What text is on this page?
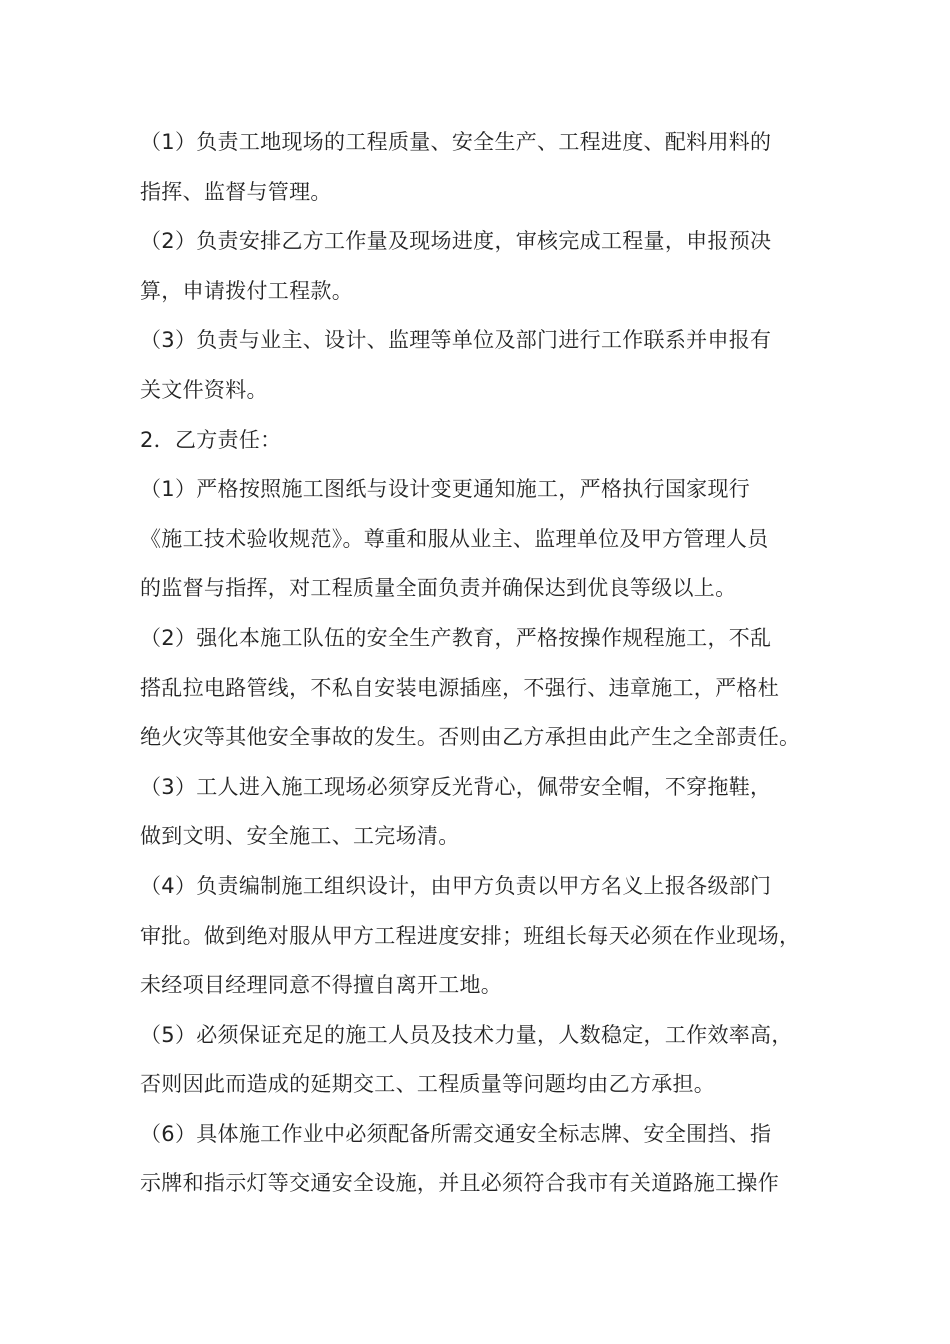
（1）负责工地现场的工程质量、安全生产、工程进度、配料用料的
指挥、监督与管理。
（2）负责安排乙方工作量及现场进度，审核完成工程量，申报预决
算，申请拨付工程款。
（3）负责与业主、设计、监理等单位及部门进行工作联系并申报有
关文件资料。
2．乙方责任：
（1）严格按照施工图纸与设计变更通知施工，严格执行国家现行
《施工技术验收规范》。尊重和服从业主、监理单位及甲方管理人员
的监督与指挥，对工程质量全面负责并确保达到优良等级以上。
（2）强化本施工队伍的安全生产教育，严格按操作规程施工，不乱
搭乱拉电路管线，不私自安装电源插座，不强行、违章施工，严格杜
绝火灾等其他安全事故的发生。否则由乙方承担由此产生之全部责任。
（3）工人进入施工现场必须穿反光背心，佩带安全帽，不穿拖鞋，
做到文明、安全施工、工完场清。
（4）负责编制施工组织设计，由甲方负责以甲方名义上报各级部门
审批。做到绝对服从甲方工程进度安排；班组长每天必须在作业现场，
未经项目经理同意不得擅自离开工地。
（5）必须保证充足的施工人员及技术力量，人数稳定，工作效率高，
否则因此而造成的延期交工、工程质量等问题均由乙方承担。
（6）具体施工作业中必须配备所需交通安全标志牌、安全围挡、指
示牌和指示灯等交通安全设施，并且必须符合我市有关道路施工操作
